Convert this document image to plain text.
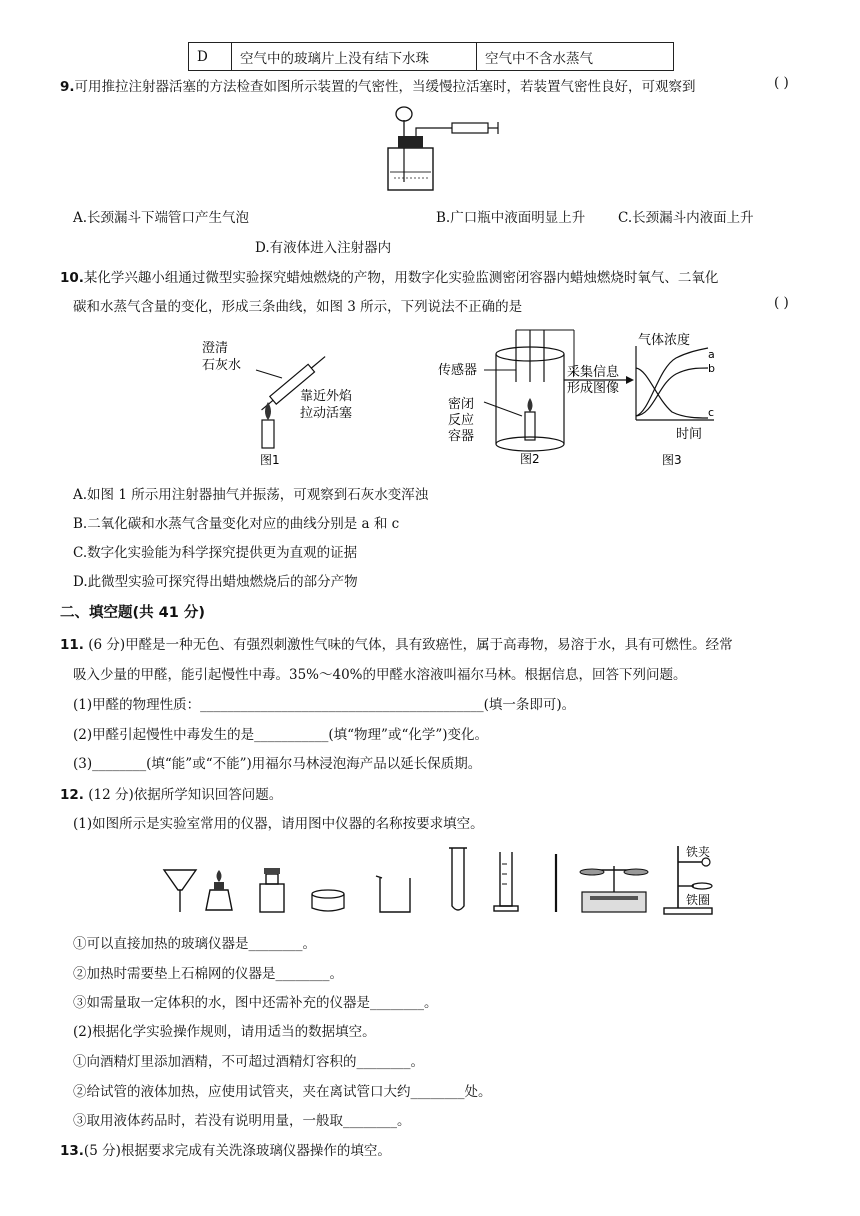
D	空气中的玻璃片上没有结下水珠	空气中不含水蒸气
9.可用推拉注射器活塞的方法检查如图所示装置的气密性，当缓慢拉活塞时，若装置气密性良好，可观察到	( )
A.长颈漏斗下端管口产生气泡	B.广口瓶中液面明显上升 C.长颈漏斗内液面上升
D.有液体进入注射器内
10.某化学兴趣小组通过微型实验探究蜡烛燃烧的产物，用数字化实验监测密闭容器内蜡烛燃烧时氧气、二氧化
碳和水蒸气含量的变化，形成三条曲线，如图 3 所示，下列说法不正确的是	( )
澄清
石灰水
靠近外焰
拉动活塞
图1
传感器
密闭
反应
容器
采集信息
形成图像
图2
气体浓度
a
b
c
时间
图3
A.如图 1 所示用注射器抽气并振荡，可观察到石灰水变浑浊
B.二氧化碳和水蒸气含量变化对应的曲线分别是 a 和 c
C.数字化实验能为科学探究提供更为直观的证据
D.此微型实验可探究得出蜡烛燃烧后的部分产物
二、填空题(共 41 分)
11. (6 分)甲醛是一种无色、有强烈刺激性气味的气体，具有致癌性，属于高毒物，易溶于水，具有可燃性。经常
吸入少量的甲醛，能引起慢性中毒。35%～40%的甲醛水溶液叫福尔马林。根据信息，回答下列问题。
(1)甲醛的物理性质：__________________________________________(填一条即可)。
(2)甲醛引起慢性中毒发生的是___________(填“物理”或“化学”)变化。
(3)________(填“能”或“不能”)用福尔马林浸泡海产品以延长保质期。
12. (12 分)依据所学知识回答问题。
(1)如图所示是实验室常用的仪器，请用图中仪器的名称按要求填空。
铁夹
铁圈
①可以直接加热的玻璃仪器是________。
②加热时需要垫上石棉网的仪器是________。
③如需量取一定体积的水，图中还需补充的仪器是________。
(2)根据化学实验操作规则，请用适当的数据填空。
①向酒精灯里添加酒精，不可超过酒精灯容积的________。
②给试管的液体加热，应使用试管夹，夹在离试管口大约________处。
③取用液体药品时，若没有说明用量，一般取________。
13.(5 分)根据要求完成有关洗涤玻璃仪器操作的填空。
